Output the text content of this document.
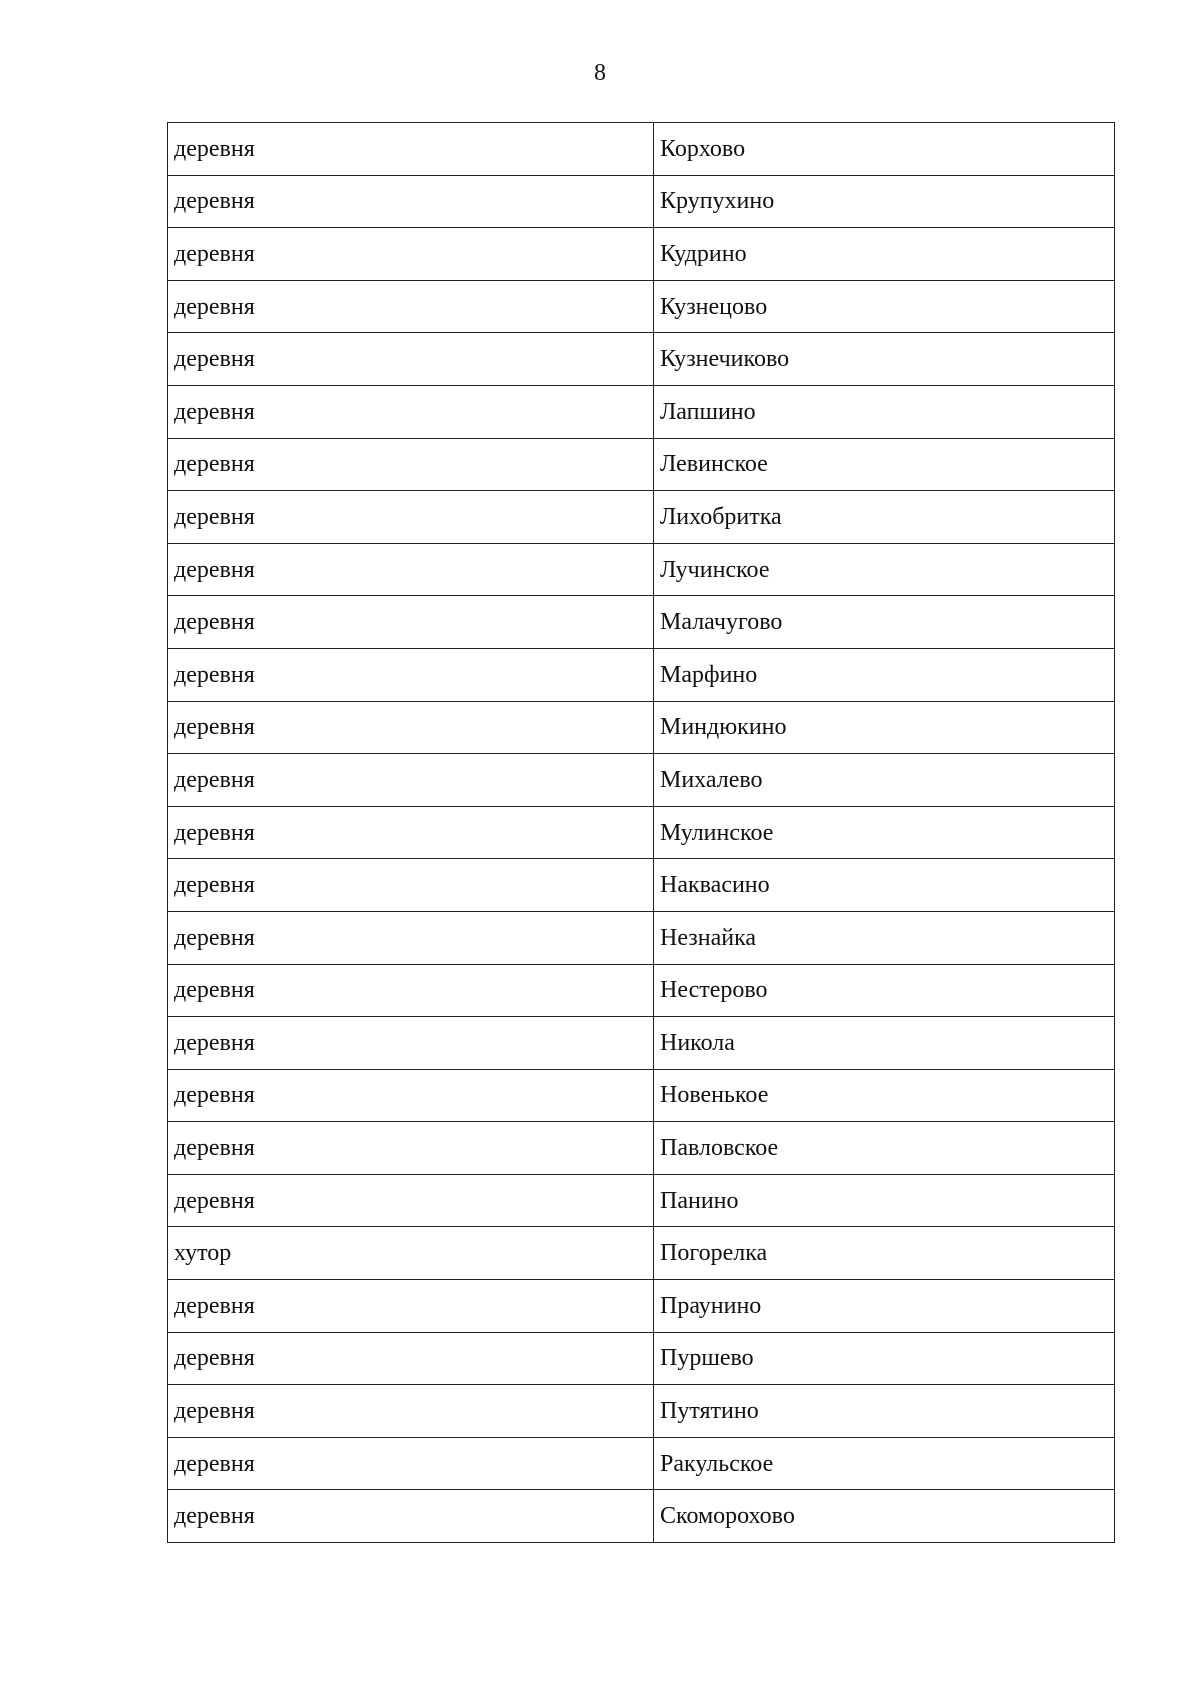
8
деревня	Корхово
деревня	Крупухино
деревня	Кудрино
деревня	Кузнецово
деревня	Кузнечиково
деревня	Лапшино
деревня	Левинское
деревня	Лихобритка
деревня	Лучинское
деревня	Малачугово
деревня	Марфино
деревня	Миндюкино
деревня	Михалево
деревня	Мулинское
деревня	Наквасино
деревня	Незнайка
деревня	Нестерово
деревня	Никола
деревня	Новенькое
деревня	Павловское
деревня	Панино
хутор	Погорелка
деревня	Праунино
деревня	Пуршево
деревня	Путятино
деревня	Ракульское
деревня	Скоморохово
